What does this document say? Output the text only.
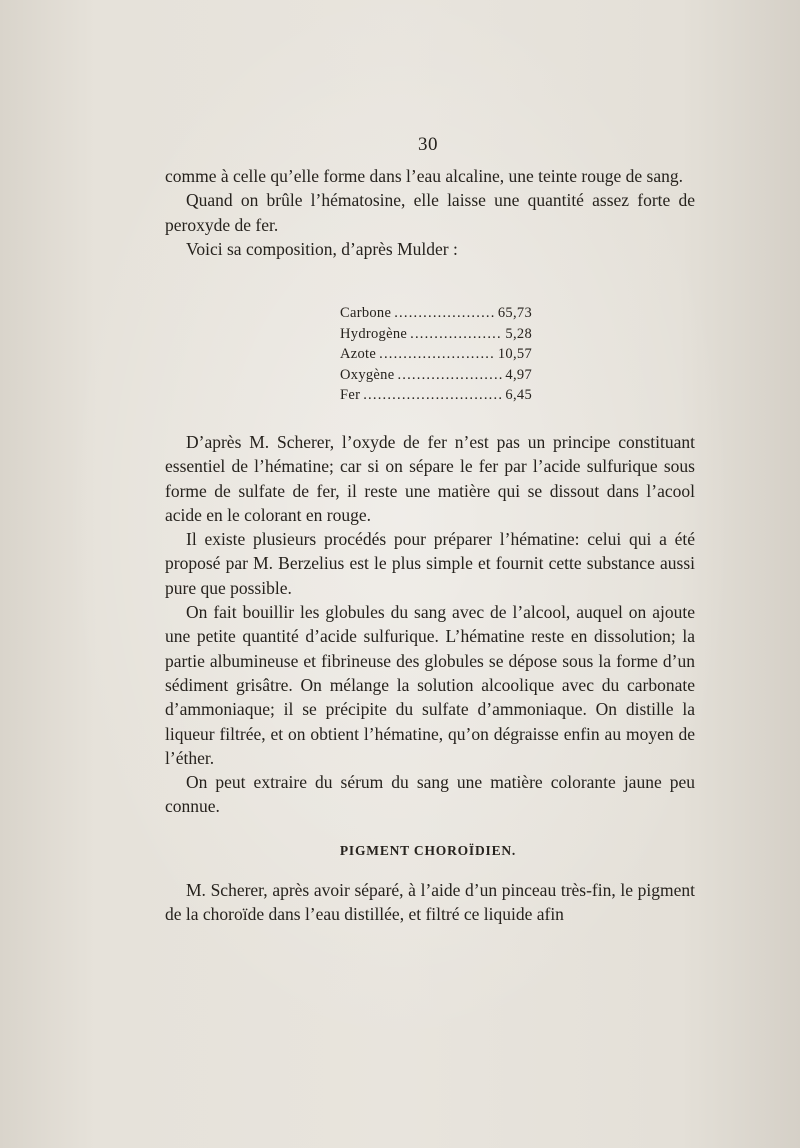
30

comme à celle qu’elle forme dans l’eau alcaline, une teinte rouge de sang.

Quand on brûle l’hématosine, elle laisse une quantité assez forte de peroxyde de fer.

Voici sa composition, d’après Mulder :

Carbone .....	65,73
Hydrogène .....	5,28
Azote .....	10,57
Oxygène .....	4,97
Fer .....	6,45

D’après M. Scherer, l’oxyde de fer n’est pas un principe constituant essentiel de l’hématine; car si on sépare le fer par l’acide sulfurique sous forme de sulfate de fer, il reste une matière qui se dissout dans l’acool acide en le colorant en rouge.

Il existe plusieurs procédés pour préparer l’hématine: celui qui a été proposé par M. Berzelius est le plus simple et fournit cette substance aussi pure que possible.

On fait bouillir les globules du sang avec de l’alcool, auquel on ajoute une petite quantité d’acide sulfurique. L’hématine reste en dissolution; la partie albumineuse et fibrineuse des globules se dépose sous la forme d’un sédiment grisâtre. On mélange la solution alcoolique avec du carbonate d’ammoniaque; il se précipite du sulfate d’ammoniaque. On distille la liqueur filtrée, et on obtient l’hématine, qu’on dégraisse enfin au moyen de l’éther.

On peut extraire du sérum du sang une matière colorante jaune peu connue.

PIGMENT CHOROÏDIEN.

M. Scherer, après avoir séparé, à l’aide d’un pinceau très-fin, le pigment de la choroïde dans l’eau distillée, et filtré ce liquide afin
